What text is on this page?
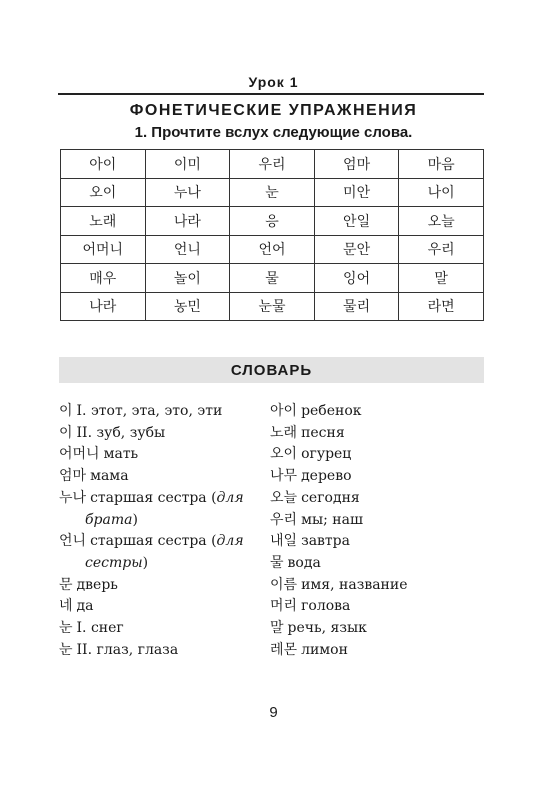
Урок 1
ФОНЕТИЧЕСКИЕ УПРАЖНЕНИЯ
1. Прочтите вслух следующие слова.
아이	이미	우리	엄마	마음
오이	누나	눈	미안	나이
노래	나라	응	안일	오늘
어머니	언니	언어	문안	우리
매우	놀이	물	잉어	말
나라	농민	눈물	물리	라면
СЛОВАРЬ
이 I. этот, эта, это, эти
이 II. зуб, зубы
어머니 мать
엄마 мама
누나 старшая сестра (для
брата)
언니 старшая сестра (для
сестры)
문 дверь
네 да
눈 I. снег
눈 II. глаз, глаза
아이 ребенок
노래 песня
오이 огурец
나무 дерево
오늘 сегодня
우리 мы; наш
내일 завтра
물 вода
이름 имя, название
머리 голова
말 речь, язык
레몬 лимон
9
